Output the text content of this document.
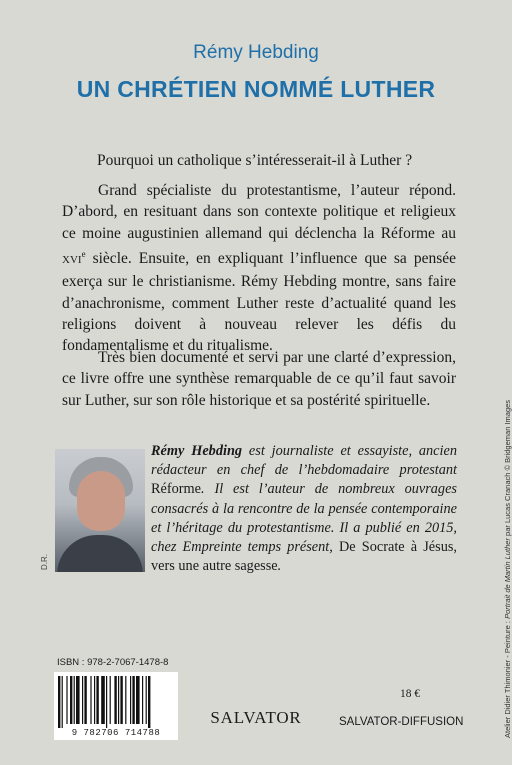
Rémy Hebding
UN CHRÉTIEN NOMMÉ LUTHER
Pourquoi un catholique s’intéresserait-il à Luther ?
Grand spécialiste du protestantisme, l’auteur répond. D’abord, en resituant dans son contexte politique et religieux ce moine augustinien allemand qui déclencha la Réforme au XVIe siècle. Ensuite, en expliquant l’influence que sa pensée exerça sur le christianisme. Rémy Hebding montre, sans faire d’anachronisme, comment Luther reste d’actualité quand les religions doivent à nouveau relever les défis du fondamentalisme et du ritualisme.
Très bien documenté et servi par une clarté d’expression, ce livre offre une synthèse remarquable de ce qu’il faut savoir sur Luther, sur son rôle historique et sa postérité spirituelle.
D.R.
Rémy Hebding est journaliste et essayiste, ancien rédacteur en chef de l’hebdomadaire protestant Réforme. Il est l’auteur de nombreux ouvrages consacrés à la rencontre de la pensée contemporaine et l’héritage du protestantisme. Il a publié en 2015, chez Empreinte temps présent, De Socrate à Jésus, vers une autre sagesse.
ISBN : 978-2-7067-1478-8
9 782706 714788
SALVATOR
18 €
SALVATOR-DIFFUSION	Atelier Didier Thimonier - Peinture : Portrait de Martin Luther par Lucas Cranach © Bridgeman Images
